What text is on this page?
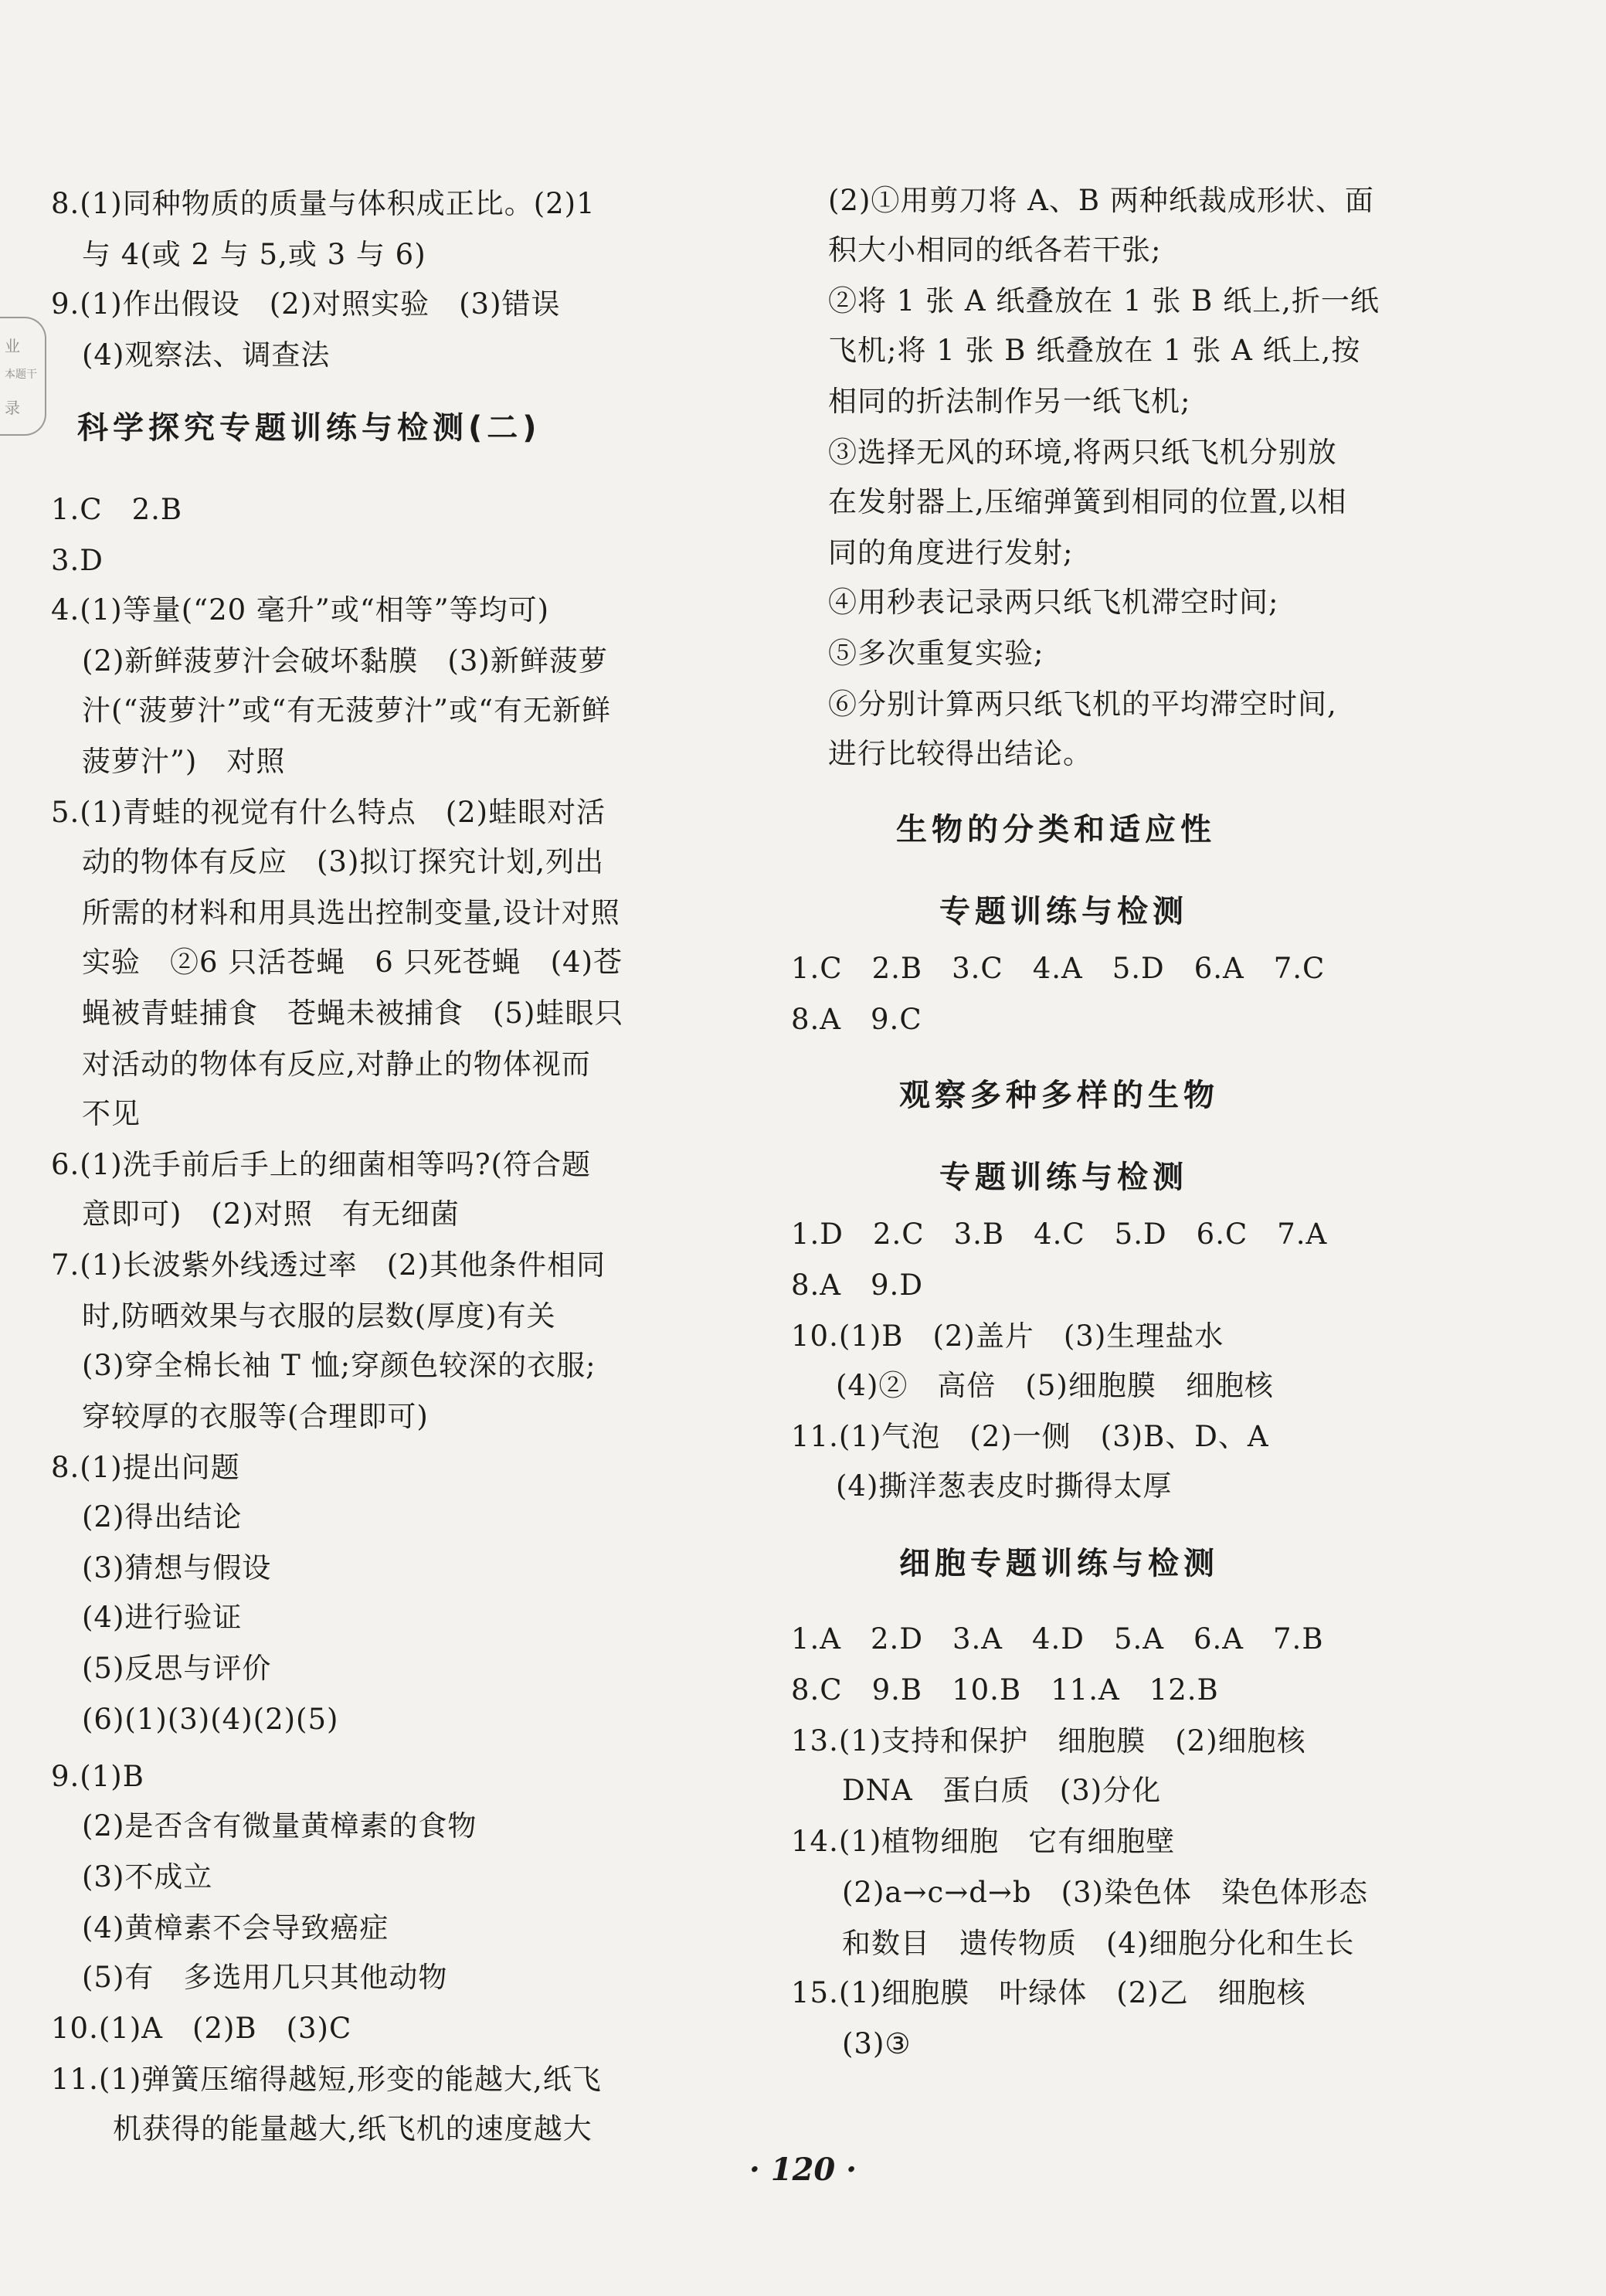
业
本题干
录
8.(1)同种物质的质量与体积成正比。(2)1
与 4(或 2 与 5,或 3 与 6)
9.(1)作出假设　(2)对照实验　(3)错误
(4)观察法、调查法
科学探究专题训练与检测(二)
1.C　2.B
3.D
4.(1)等量(“20 毫升”或“相等”等均可)
(2)新鲜菠萝汁会破坏黏膜　(3)新鲜菠萝
汁(“菠萝汁”或“有无菠萝汁”或“有无新鲜
菠萝汁”)　对照
5.(1)青蛙的视觉有什么特点　(2)蛙眼对活
动的物体有反应　(3)拟订探究计划,列出
所需的材料和用具选出控制变量,设计对照
实验　②6 只活苍蝇　6 只死苍蝇　(4)苍
蝇被青蛙捕食　苍蝇未被捕食　(5)蛙眼只
对活动的物体有反应,对静止的物体视而
不见
6.(1)洗手前后手上的细菌相等吗?(符合题
意即可)　(2)对照　有无细菌
7.(1)长波紫外线透过率　(2)其他条件相同
时,防晒效果与衣服的层数(厚度)有关
(3)穿全棉长袖 T 恤;穿颜色较深的衣服;
穿较厚的衣服等(合理即可)
8.(1)提出问题
(2)得出结论
(3)猜想与假设
(4)进行验证
(5)反思与评价
(6)(1)(3)(4)(2)(5)
9.(1)B
(2)是否含有微量黄樟素的食物
(3)不成立
(4)黄樟素不会导致癌症
(5)有　多选用几只其他动物
10.(1)A　(2)B　(3)C
11.(1)弹簧压缩得越短,形变的能越大,纸飞
机获得的能量越大,纸飞机的速度越大
(2)①用剪刀将 A、B 两种纸裁成形状、面
积大小相同的纸各若干张;
②将 1 张 A 纸叠放在 1 张 B 纸上,折一纸
飞机;将 1 张 B 纸叠放在 1 张 A 纸上,按
相同的折法制作另一纸飞机;
③选择无风的环境,将两只纸飞机分别放
在发射器上,压缩弹簧到相同的位置,以相
同的角度进行发射;
④用秒表记录两只纸飞机滞空时间;
⑤多次重复实验;
⑥分别计算两只纸飞机的平均滞空时间,
进行比较得出结论。
生物的分类和适应性
专题训练与检测
1.C　2.B　3.C　4.A　5.D　6.A　7.C
8.A　9.C
观察多种多样的生物
专题训练与检测
1.D　2.C　3.B　4.C　5.D　6.C　7.A
8.A　9.D
10.(1)B　(2)盖片　(3)生理盐水
(4)②　高倍　(5)细胞膜　细胞核
11.(1)气泡　(2)一侧　(3)B、D、A
(4)撕洋葱表皮时撕得太厚
细胞专题训练与检测
1.A　2.D　3.A　4.D　5.A　6.A　7.B
8.C　9.B　10.B　11.A　12.B
13.(1)支持和保护　细胞膜　(2)细胞核
DNA　蛋白质　(3)分化
14.(1)植物细胞　它有细胞壁
(2)a→c→d→b　(3)染色体　染色体形态
和数目　遗传物质　(4)细胞分化和生长
15.(1)细胞膜　叶绿体　(2)乙　细胞核
(3)③
· 120 ·
